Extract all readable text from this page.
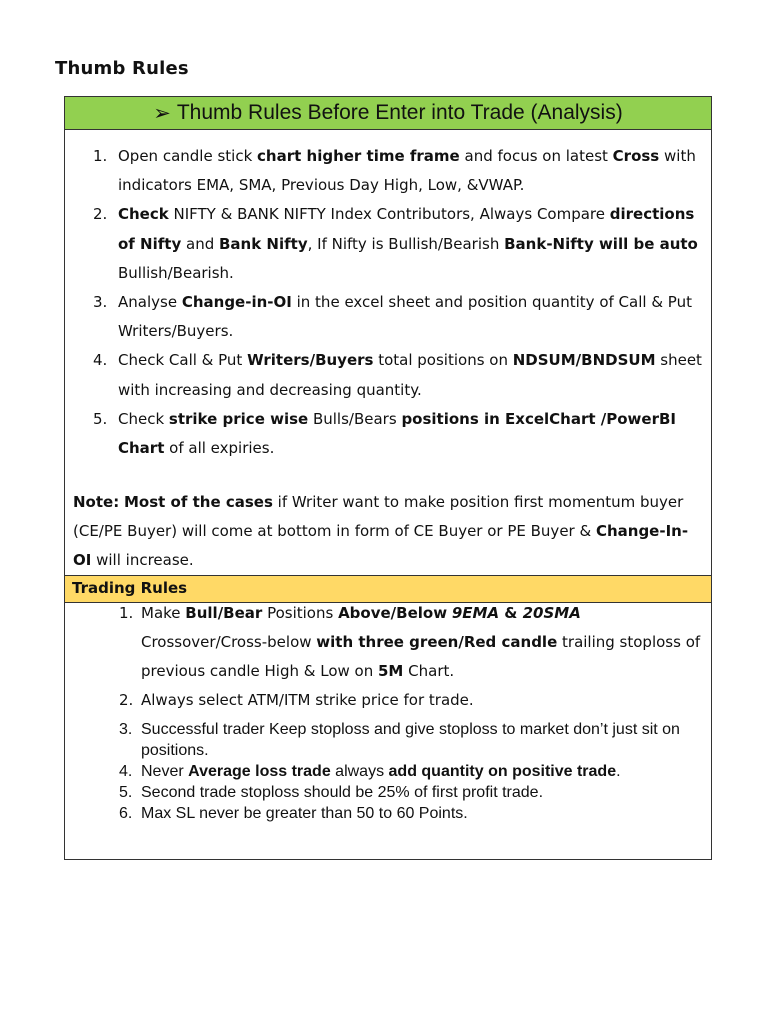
Thumb Rules
➢ Thumb Rules Before Enter into Trade (Analysis)
1. Open candle stick chart higher time frame and focus on latest Cross with indicators EMA, SMA, Previous Day High, Low, &VWAP.
2. Check NIFTY & BANK NIFTY Index Contributors, Always Compare directions of Nifty and Bank Nifty, If Nifty is Bullish/Bearish Bank-Nifty will be auto Bullish/Bearish.
3. Analyse Change-in-OI in the excel sheet and position quantity of Call & Put Writers/Buyers.
4. Check Call & Put Writers/Buyers total positions on NDSUM/BNDSUM sheet with increasing and decreasing quantity.
5. Check strike price wise Bulls/Bears positions in ExcelChart /PowerBI Chart of all expiries.
Note: Most of the cases if Writer want to make position first momentum buyer (CE/PE Buyer) will come at bottom in form of CE Buyer or PE Buyer & Change-In-OI will increase.
Trading Rules
1. Make Bull/Bear Positions Above/Below 9EMA & 20SMA Crossover/Cross-below with three green/Red candle trailing stoploss of previous candle High & Low on 5M Chart.
2. Always select ATM/ITM strike price for trade.
3. Successful trader Keep stoploss and give stoploss to market don’t just sit on positions.
4. Never Average loss trade always add quantity on positive trade.
5. Second trade stoploss should be 25% of first profit trade.
6. Max SL never be greater than 50 to 60 Points.
